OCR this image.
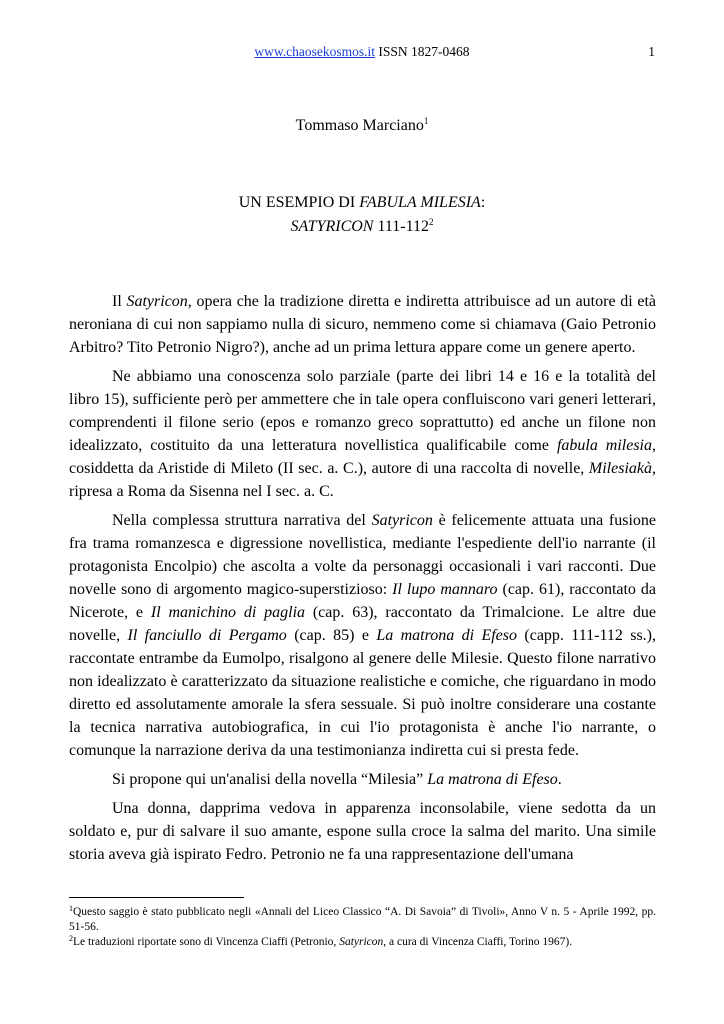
www.chaosekosmos.it ISSN 1827-0468	1
Tommaso Marciano$^1$
UN ESEMPIO DI FABULA MILESIA:
SATYRICON $111-112^2$

Il Satyricon, opera che la tradizione diretta e indiretta attribuisce ad un autore di età neroniana di cui non sappiamo nulla di sicuro, nemmeno come si chiamava (Gaio Petronio Arbitro? Tito Petronio Nigro?), anche ad un prima lettura appare come un genere aperto.

Ne abbiamo una conoscenza solo parziale (parte dei libri 14 e 16 e la totalità del libro 15), sufficiente però per ammettere che in tale opera confluiscono vari generi letterari, comprendenti il filone serio (epos e romanzo greco soprattutto) ed anche un filone non idealizzato, costituito da una letteratura novellistica qualificabile come fabula milesia, cosiddetta da Aristide di Mileto (II sec. a. C.), autore di una raccolta di novelle, Milesiakà, ripresa a Roma da Sisenna nel I sec. a. C.

Nella complessa struttura narrativa del Satyricon è felicemente attuata una fusione fra trama romanzesca e digressione novellistica, mediante l'espediente dell'io narrante (il protagonista Encolpio) che ascolta a volte da personaggi occasionali i vari racconti. Due novelle sono di argomento magico-superstizioso: Il lupo mannaro (cap. 61), raccontato da Nicerote, e Il manichino di paglia (cap. 63), raccontato da Trimalcione. Le altre due novelle, Il fanciullo di Pergamo (cap. 85) e La matrona di Efeso (capp. 111-112 ss.), raccontate entrambe da Eumolpo, risalgono al genere delle Milesie. Questo filone narrativo non idealizzato è caratterizzato da situazione realistiche e comiche, che riguardano in modo diretto ed assolutamente amorale la sfera sessuale. Si può inoltre considerare una costante la tecnica narrativa autobiografica, in cui l'io protagonista è anche l'io narrante, o comunque la narrazione deriva da una testimonianza indiretta cui si presta fede.

Si propone qui un'analisi della novella “Milesia” La matrona di Efeso.

Una donna, dapprima vedova in apparenza inconsolabile, viene sedotta da un soldato e, pur di salvare il suo amante, espone sulla croce la salma del marito. Una simile storia aveva già ispirato Fedro. Petronio ne fa una rappresentazione dell'umana

$^1$Questo saggio è stato pubblicato negli «Annali del Liceo Classico “A. Di Savoia” di Tivoli», Anno V n. 5 - Aprile 1992, pp. 51-56.

$^2$Le traduzioni riportate sono di Vincenza Ciaffi (Petronio, Satyricon, a cura di Vincenza Ciaffi, Torino 1967).
